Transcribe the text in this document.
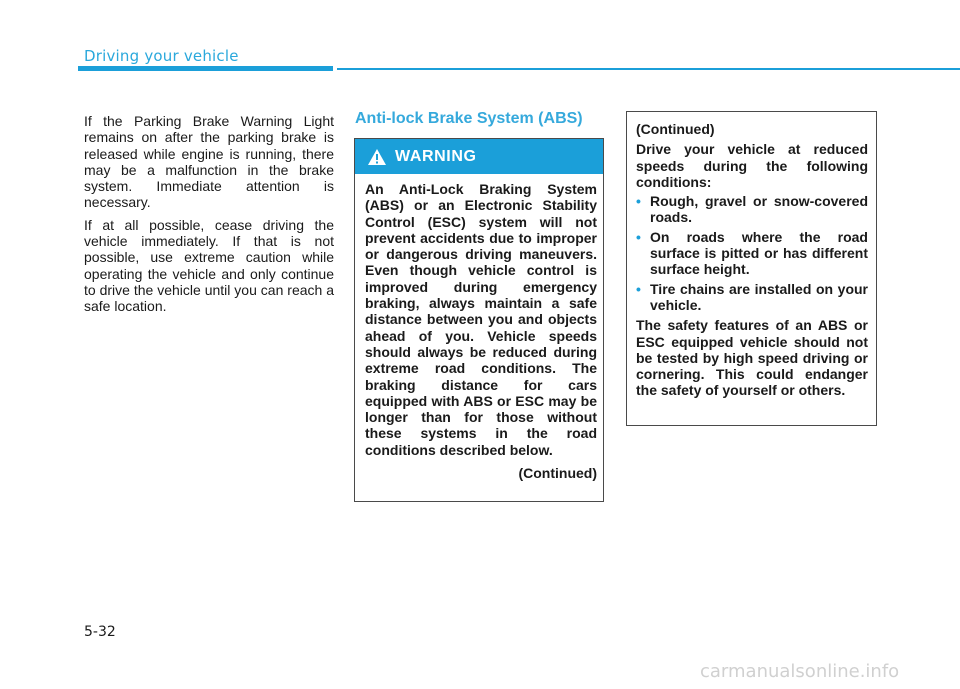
Driving your vehicle

If the Parking Brake Warning Light remains on after the parking brake is released while engine is running, there may be a malfunction in the brake system. Immediate attention is necessary.

If at all possible, cease driving the vehicle immediately. If that is not possible, use extreme caution while operating the vehicle and only continue to drive the vehicle until you can reach a safe location.

Anti-lock Brake System (ABS)
WARNING

An Anti-Lock Braking System (ABS) or an Electronic Stability Control (ESC) system will not prevent accidents due to improper or dangerous driving maneuvers. Even though vehicle control is improved during emergency braking, always maintain a safe distance between you and objects ahead of you. Vehicle speeds should always be reduced during extreme road conditions. The braking distance for cars equipped with ABS or ESC may be longer than for those without these systems in the road conditions described below.

(Continued)

(Continued)

Drive your vehicle at reduced speeds during the following conditions:

• Rough, gravel or snow-covered roads.
• On roads where the road surface is pitted or has different surface height.
• Tire chains are installed on your vehicle.

The safety features of an ABS or ESC equipped vehicle should not be tested by high speed driving or cornering. This could endanger the safety of yourself or others.

5-32
carmanualsonline.info
